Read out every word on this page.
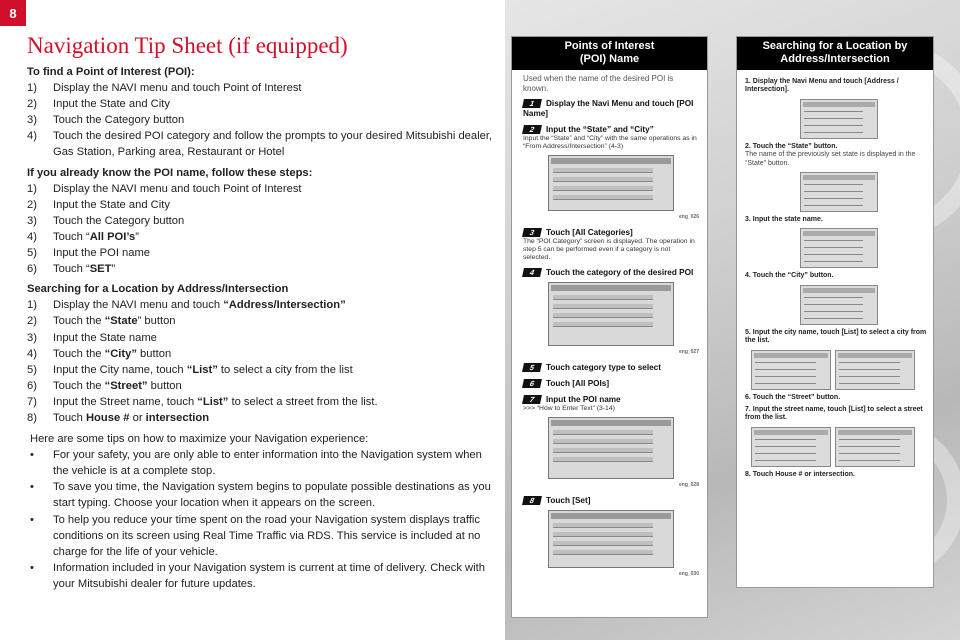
8
Navigation Tip Sheet (if equipped)
To find a Point of Interest (POI):
1)	Display the NAVI menu and touch Point of Interest
2)	Input the State and City
3)	Touch the Category button
4)	Touch the desired POI category and follow the prompts to your desired Mitsubishi dealer, Gas Station, Parking area, Restaurant or Hotel
If you already know the POI name, follow these steps:
1)	Display the NAVI menu and touch Point of Interest
2)	Input the State and City
3)	Touch the Category button
4)	Touch “All POI’s”
5)	Input the POI name
6)	Touch “SET”
Searching for a Location by Address/Intersection
1)	Display the NAVI menu and touch “Address/Intersection”
2)	Touch the “State” button
3)	Input the State name
4)	Touch the “City” button
5)	Input the City name, touch “List” to select a city from the list
6)	Touch the “Street” button
7)	Input the Street name, touch “List” to select a street from the list.
8)	Touch House # or intersection
Here are some tips on how to maximize your Navigation experience:
•	For your safety, you are only able to enter information into the Navigation system when the vehicle is at a complete stop.
•	To save you time, the Navigation system begins to populate possible destinations as you start typing. Choose your location when it appears on the screen.
•	To help you reduce your time spent on the road your Navigation system displays traffic conditions on its screen using Real Time Traffic via RDS. This service is included at no charge for the life of your vehicle.
•	Information included in your Navigation system is current at time of delivery. Check with your Mitsubishi dealer for future updates.
Points of Interest
(POI) Name
Used when the name of the desired POI is known.
1 Display the Navi Menu and touch [POI Name]
2 Input the “State” and “City”
Input the “State” and “City” with the same operations as in “From Address/Intersection” (4-3)
eng_026
3 Touch [All Categories]
The “POI Category” screen is displayed. The operation in step 5 can be performed even if a category is not selected.
4 Touch the category of the desired POI
eng_027
5 Touch category type to select
6 Touch [All POIs]
7 Input the POI name
>>> “How to Enter Text” (3-14)
eng_028
8 Touch [Set]
eng_030
Searching for a Location by
Address/Intersection
1. Display the Navi Menu and touch [Address / Intersection].
2. Touch the “State” button.
The name of the previously set state is displayed in the “State” button.
3. Input the state name.
4. Touch the “City” button.
5. Input the city name, touch [List] to select a city from the list.
6. Touch the “Street” button.
7. Input the street name, touch [List] to select a street from the list.
8. Touch House # or intersection.
